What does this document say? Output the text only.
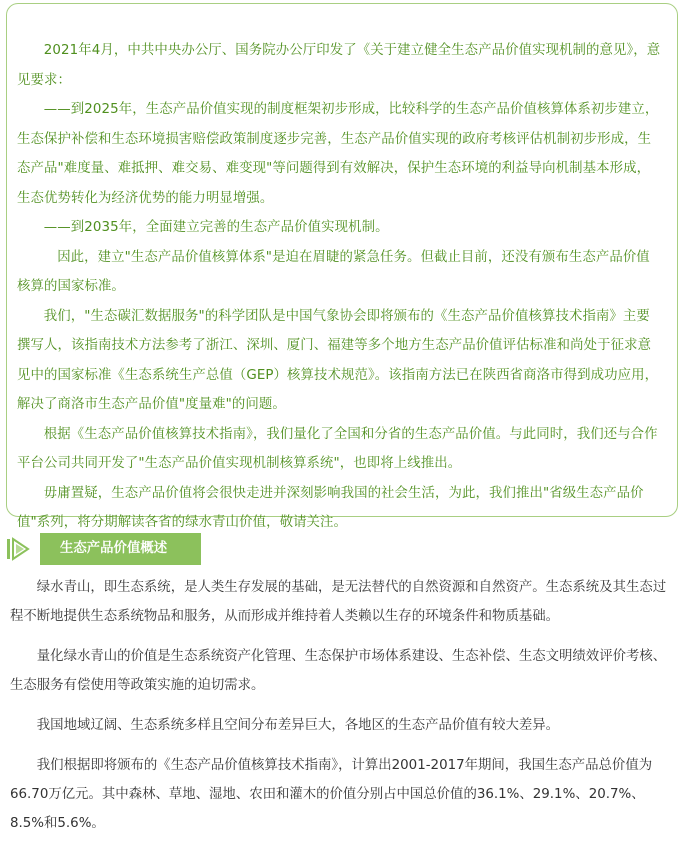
2021年4月，中共中央办公厅、国务院办公厅印发了《关于建立健全生态产品价值实现机制的意见》，意见要求：

——到2025年，生态产品价值实现的制度框架初步形成，比较科学的生态产品价值核算体系初步建立，生态保护补偿和生态环境损害赔偿政策制度逐步完善，生态产品价值实现的政府考核评估机制初步形成，生态产品"难度量、难抵押、难交易、难变现"等问题得到有效解决，保护生态环境的利益导向机制基本形成，生态优势转化为经济优势的能力明显增强。

——到2035年，全面建立完善的生态产品价值实现机制。

因此，建立"生态产品价值核算体系"是迫在眉睫的紧急任务。但截止目前，还没有颁布生态产品价值核算的国家标准。

我们，"生态碳汇数据服务"的科学团队是中国气象协会即将颁布的《生态产品价值核算技术指南》主要撰写人，该指南技术方法参考了浙江、深圳、厦门、福建等多个地方生态产品价值评估标准和尚处于征求意见中的国家标准《生态系统生产总值（GEP）核算技术规范》。该指南方法已在陕西省商洛市得到成功应用，解决了商洛市生态产品价值"度量难"的问题。

根据《生态产品价值核算技术指南》，我们量化了全国和分省的生态产品价值。与此同时，我们还与合作平台公司共同开发了"生态产品价值实现机制核算系统"，也即将上线推出。

毋庸置疑，生态产品价值将会很快走进并深刻影响我国的社会生活，为此，我们推出"省级生态产品价值"系列，将分期解读各省的绿水青山价值，敬请关注。

生态产品价值概述

绿水青山，即生态系统，是人类生存发展的基础，是无法替代的自然资源和自然资产。生态系统及其生态过程不断地提供生态系统物品和服务，从而形成并维持着人类赖以生存的环境条件和物质基础。

量化绿水青山的价值是生态系统资产化管理、生态保护市场体系建设、生态补偿、生态文明绩效评价考核、生态服务有偿使用等政策实施的迫切需求。

我国地域辽阔、生态系统多样且空间分布差异巨大，各地区的生态产品价值有较大差异。

我们根据即将颁布的《生态产品价值核算技术指南》，计算出2001-2017年期间，我国生态产品总价值为66.70万亿元。其中森林、草地、湿地、农田和灌木的价值分别占中国总价值的36.1%、29.1%、20.7%、8.5%和5.6%。
